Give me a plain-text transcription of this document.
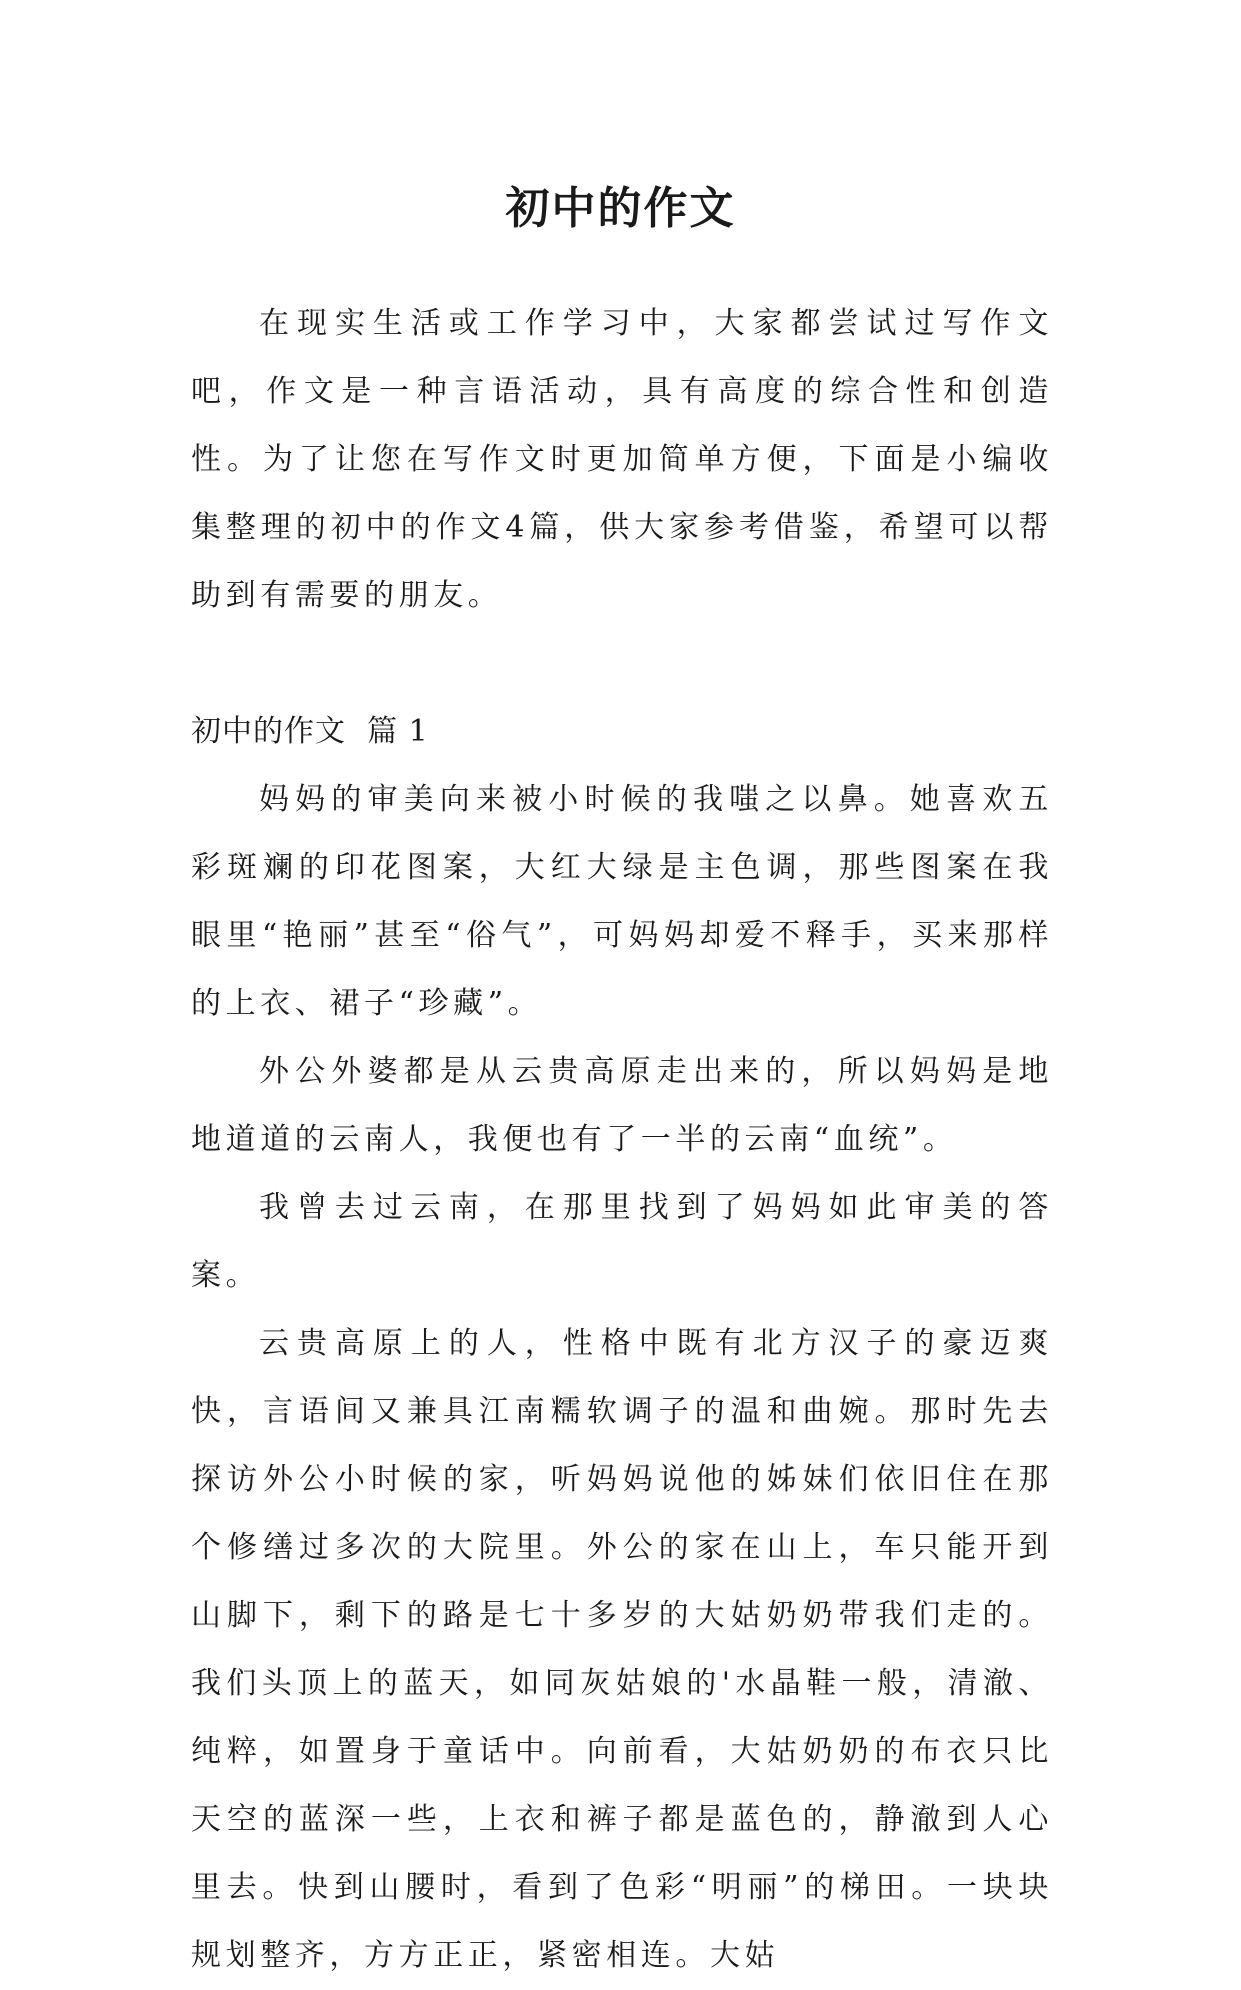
初中的作文

在现实生活或工作学习中，大家都尝试过写作文吧，作文是一种言语活动，具有高度的综合性和创造性。为了让您在写作文时更加简单方便，下面是小编收集整理的初中的作文4篇，供大家参考借鉴，希望可以帮助到有需要的朋友。

初中的作文  篇 1

妈妈的审美向来被小时候的我嗤之以鼻。她喜欢五彩斑斓的印花图案，大红大绿是主色调，那些图案在我眼里“艳丽”甚至“俗气”，可妈妈却爱不释手，买来那样的上衣、裙子“珍藏”。

外公外婆都是从云贵高原走出来的，所以妈妈是地地道道的云南人，我便也有了一半的云南“血统”。

我曾去过云南，在那里找到了妈妈如此审美的答案。

云贵高原上的人，性格中既有北方汉子的豪迈爽快，言语间又兼具江南糯软调子的温和曲婉。那时先去探访外公小时候的家，听妈妈说他的姊妹们依旧住在那个修缮过多次的大院里。外公的家在山上，车只能开到山脚下，剩下的路是七十多岁的大姑奶奶带我们走的。我们头顶上的蓝天，如同灰姑娘的'水晶鞋一般，清澈、纯粹，如置身于童话中。向前看，大姑奶奶的布衣只比天空的蓝深一些，上衣和裤子都是蓝色的，静澈到人心里去。快到山腰时，看到了色彩“明丽”的梯田。一块块规划整齐，方方正正，紧密相连。大姑
